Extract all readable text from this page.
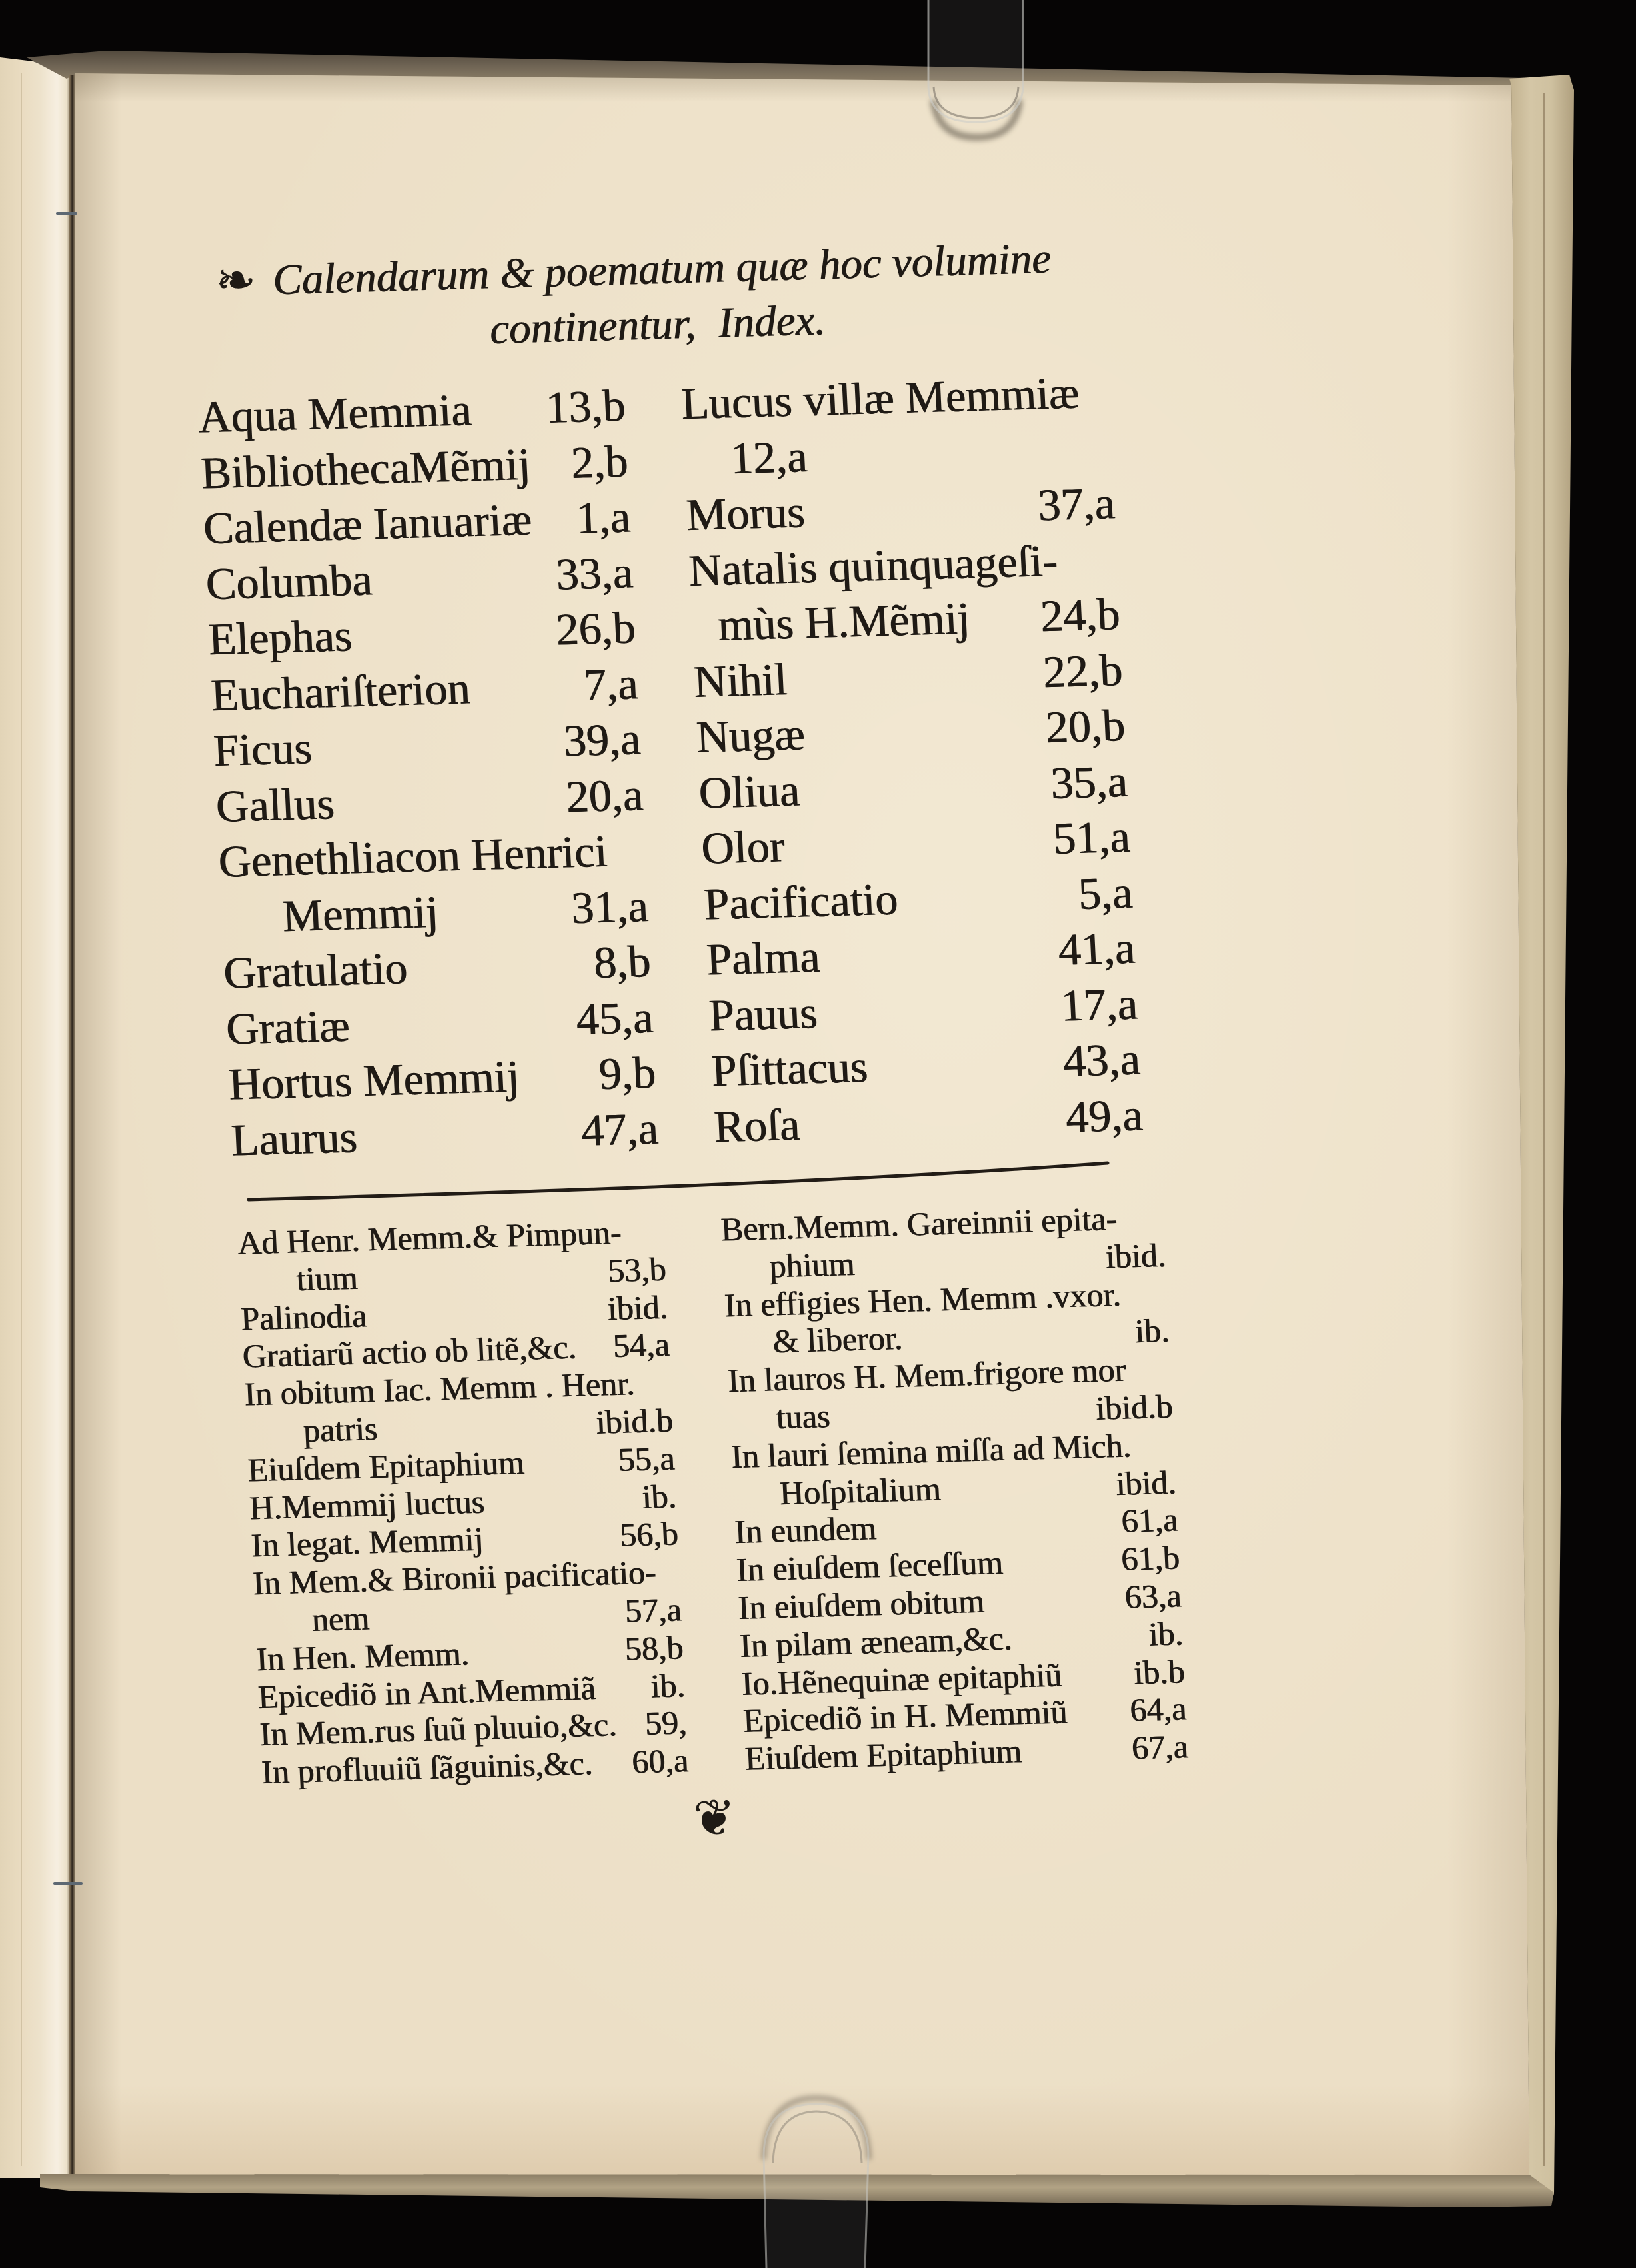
❧
Calendarum & poematum quæ hoc volumine
continentur, Index.
Aqua Memmia 13,b
BibliothecaMẽmij 2,b
Calendæ Ianuariæ 1,a
Columba	33,a
Elephas	26,b
Euchariſterion 7,a
Ficus	39,a
Gallus	20,a
Genethliacon Henrici
Memmij	31,a
Gratulatio	8,b
Gratiæ	45,a
Hortus Memmij 9,b
Laurus	47,a
Lucus villæ Memmiæ
12,a
Morus	37,a
Natalis quinquageſi-
mùs H.Mẽmij 24,b
Nihil	22,b
Nugæ	20,b
Oliua	35,a
Olor	51,a
Pacificatio	5,a
Palma	41,a
Pauus	17,a
Pſittacus	43,a
Roſa	49,a
Ad Henr. Memm.& Pimpun-
tium	53,b
Palinodia	ibid.
Gratiarũ actio ob litẽ,&c.	54,a
In obitum Iac. Memm . Henr.
patris	ibid.b
Eiuſdem Epitaphium	55,a
H.Memmij luctus	ib.
In legat. Memmij	56,b
In Mem.& Bironii pacificatio-
nem	57,a
In Hen. Memm.	58,b
Epicediõ in Ant.Memmiã	ib.
In Mem.rus ſuũ pluuio,&c. 59,
In profluuiũ ſãguinis,&c.	60,a
Bern.Memm. Gareinnii epita-
phium	ibid.
In effigies Hen. Memm .vxor.
& liberor.	ib.
In lauros H. Mem.frigore mor
tuas	ibid.b
In lauri ſemina miſſa ad Mich.
Hoſpitalium	ibid.
In eundem	61,a
In eiuſdem ſeceſſum	61,b
In eiuſdem obitum	63,a
In pilam æneam,&c.	ib.
Io.Hẽnequinæ epitaphiũ	ib.b
Epicediõ in H. Memmiũ	64,a
Eiuſdem Epitaphium	67,a
❦
